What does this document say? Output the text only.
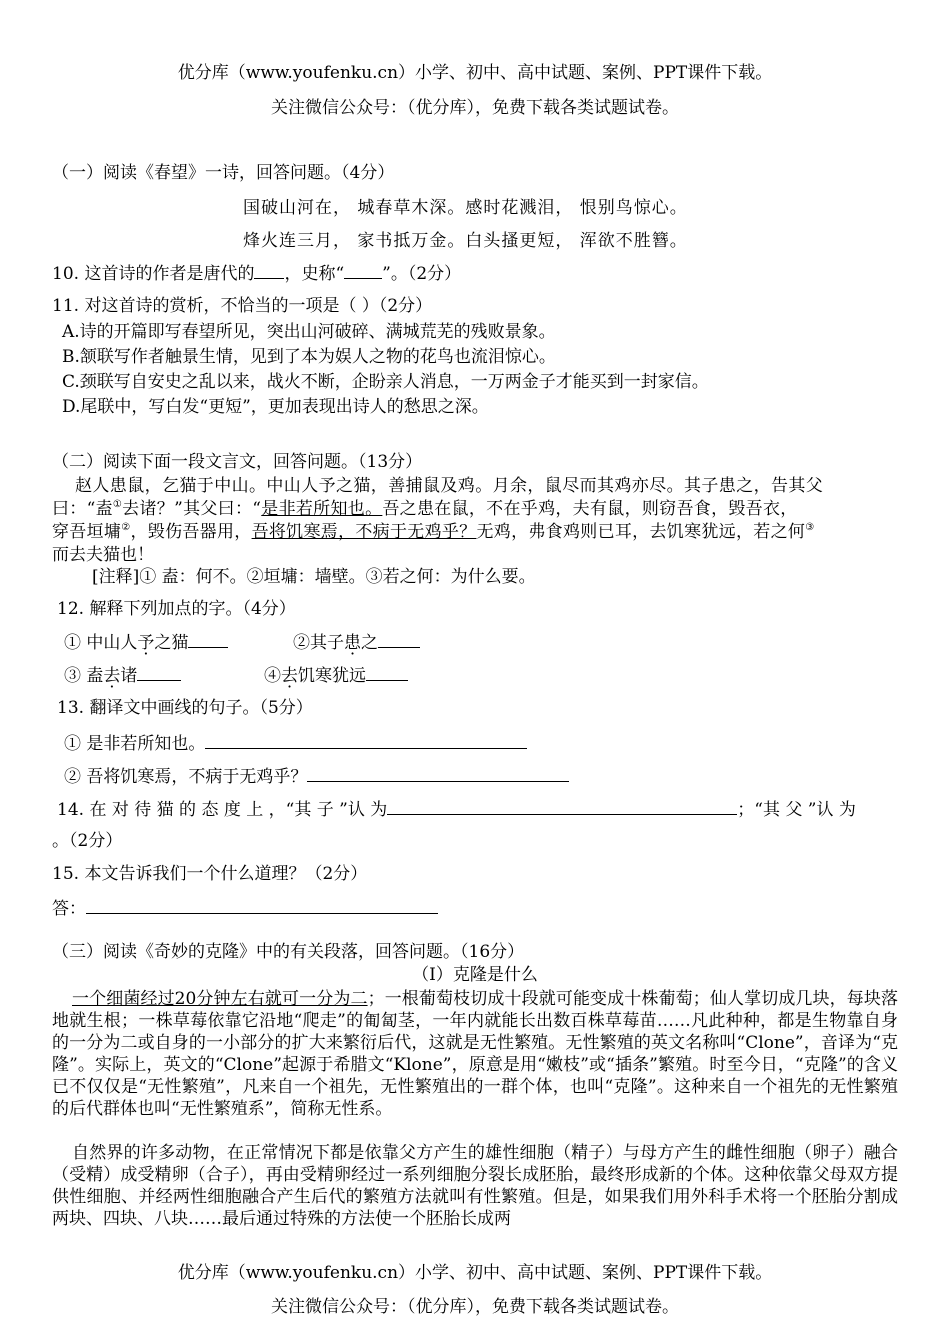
优分库（www.youfenku.cn）小学、初中、高中试题、案例、PPT课件下载。
关注微信公众号：（优分库），免费下载各类试题试卷。
（一）阅读《春望》一诗，回答问题。（4分）
国破山河在， 城春草木深。感时花溅泪， 恨别鸟惊心。
烽火连三月， 家书抵万金。白头搔更短， 浑欲不胜簪。
10. 这首诗的作者是唐代的 ，史称“ ”。（2分）
11. 对这首诗的赏析，不恰当的一项是（ ）（2分）
A.诗的开篇即写春望所见，突出山河破碎、满城荒芜的残败景象。
B.颔联写作者触景生情，见到了本为娱人之物的花鸟也流泪惊心。
C.颈联写自安史之乱以来，战火不断，企盼亲人消息，一万两金子才能买到一封家信。
D.尾联中，写白发“更短”，更加表现出诗人的愁思之深。
（二）阅读下面一段文言文，回答问题。（13分）
赵人患鼠，乞猫于中山。中山人予之猫，善捕鼠及鸡。月余，鼠尽而其鸡亦尽。其子患之，告其父
曰：“盍①去诸？”其父曰：“是非若所知也。吾之患在鼠，不在乎鸡，夫有鼠，则窃吾食，毁吾衣，
穿吾垣墉②，毁伤吾器用，吾将饥寒焉，不病于无鸡乎？无鸡，弗食鸡则已耳，去饥寒犹远，若之何③
而去夫猫也！
[注释]① 盍：何不。②垣墉：墙壁。③若之何：为什么要。
12. 解释下列加点的字。（4分）
① 中山人予之猫	②其子患之
③ 盍去诸	④去饥寒犹远
13. 翻译文中画线的句子。（5分）
① 是非若所知也。
② 吾将饥寒焉，不病于无鸡乎？
14. 在 对 待 猫 的 态 度 上 ，“其 子 ”认 为	；“其 父 ”认 为
。（2分）
15. 本文告诉我们一个什么道理？（2分）
答：
（三）阅读《奇妙的克隆》中的有关段落，回答问题。（16分）
（Ⅰ）克隆是什么
一个细菌经过20分钟左右就可一分为二；一根葡萄枝切成十段就可能变成十株葡萄；仙人掌切成几块，每块落地就生根；一株草莓依靠它沿地“爬走”的匍匐茎，一年内就能长出数百株草莓苗……凡此种种，都是生物靠自身的一分为二或自身的一小部分的扩大来繁衍后代，这就是无性繁殖。无性繁殖的英文名称叫“Clone”，音译为“克隆”。实际上，英文的“Clone”起源于希腊文“Klone”，原意是用“嫩枝”或“插条”繁殖。时至今日，“克隆”的含义已不仅仅是“无性繁殖”，凡来自一个祖先，无性繁殖出的一群个体，也叫“克隆”。这种来自一个祖先的无性繁殖的后代群体也叫“无性繁殖系”，简称无性系。
自然界的许多动物，在正常情况下都是依靠父方产生的雄性细胞（精子）与母方产生的雌性细胞（卵子）融合（受精）成受精卵（合子），再由受精卵经过一系列细胞分裂长成胚胎，最终形成新的个体。这种依靠父母双方提供性细胞、并经两性细胞融合产生后代的繁殖方法就叫有性繁殖。但是，如果我们用外科手术将一个胚胎分割成两块、四块、八块……最后通过特殊的方法使一个胚胎长成两
优分库（www.youfenku.cn）小学、初中、高中试题、案例、PPT课件下载。
关注微信公众号：（优分库），免费下载各类试题试卷。
